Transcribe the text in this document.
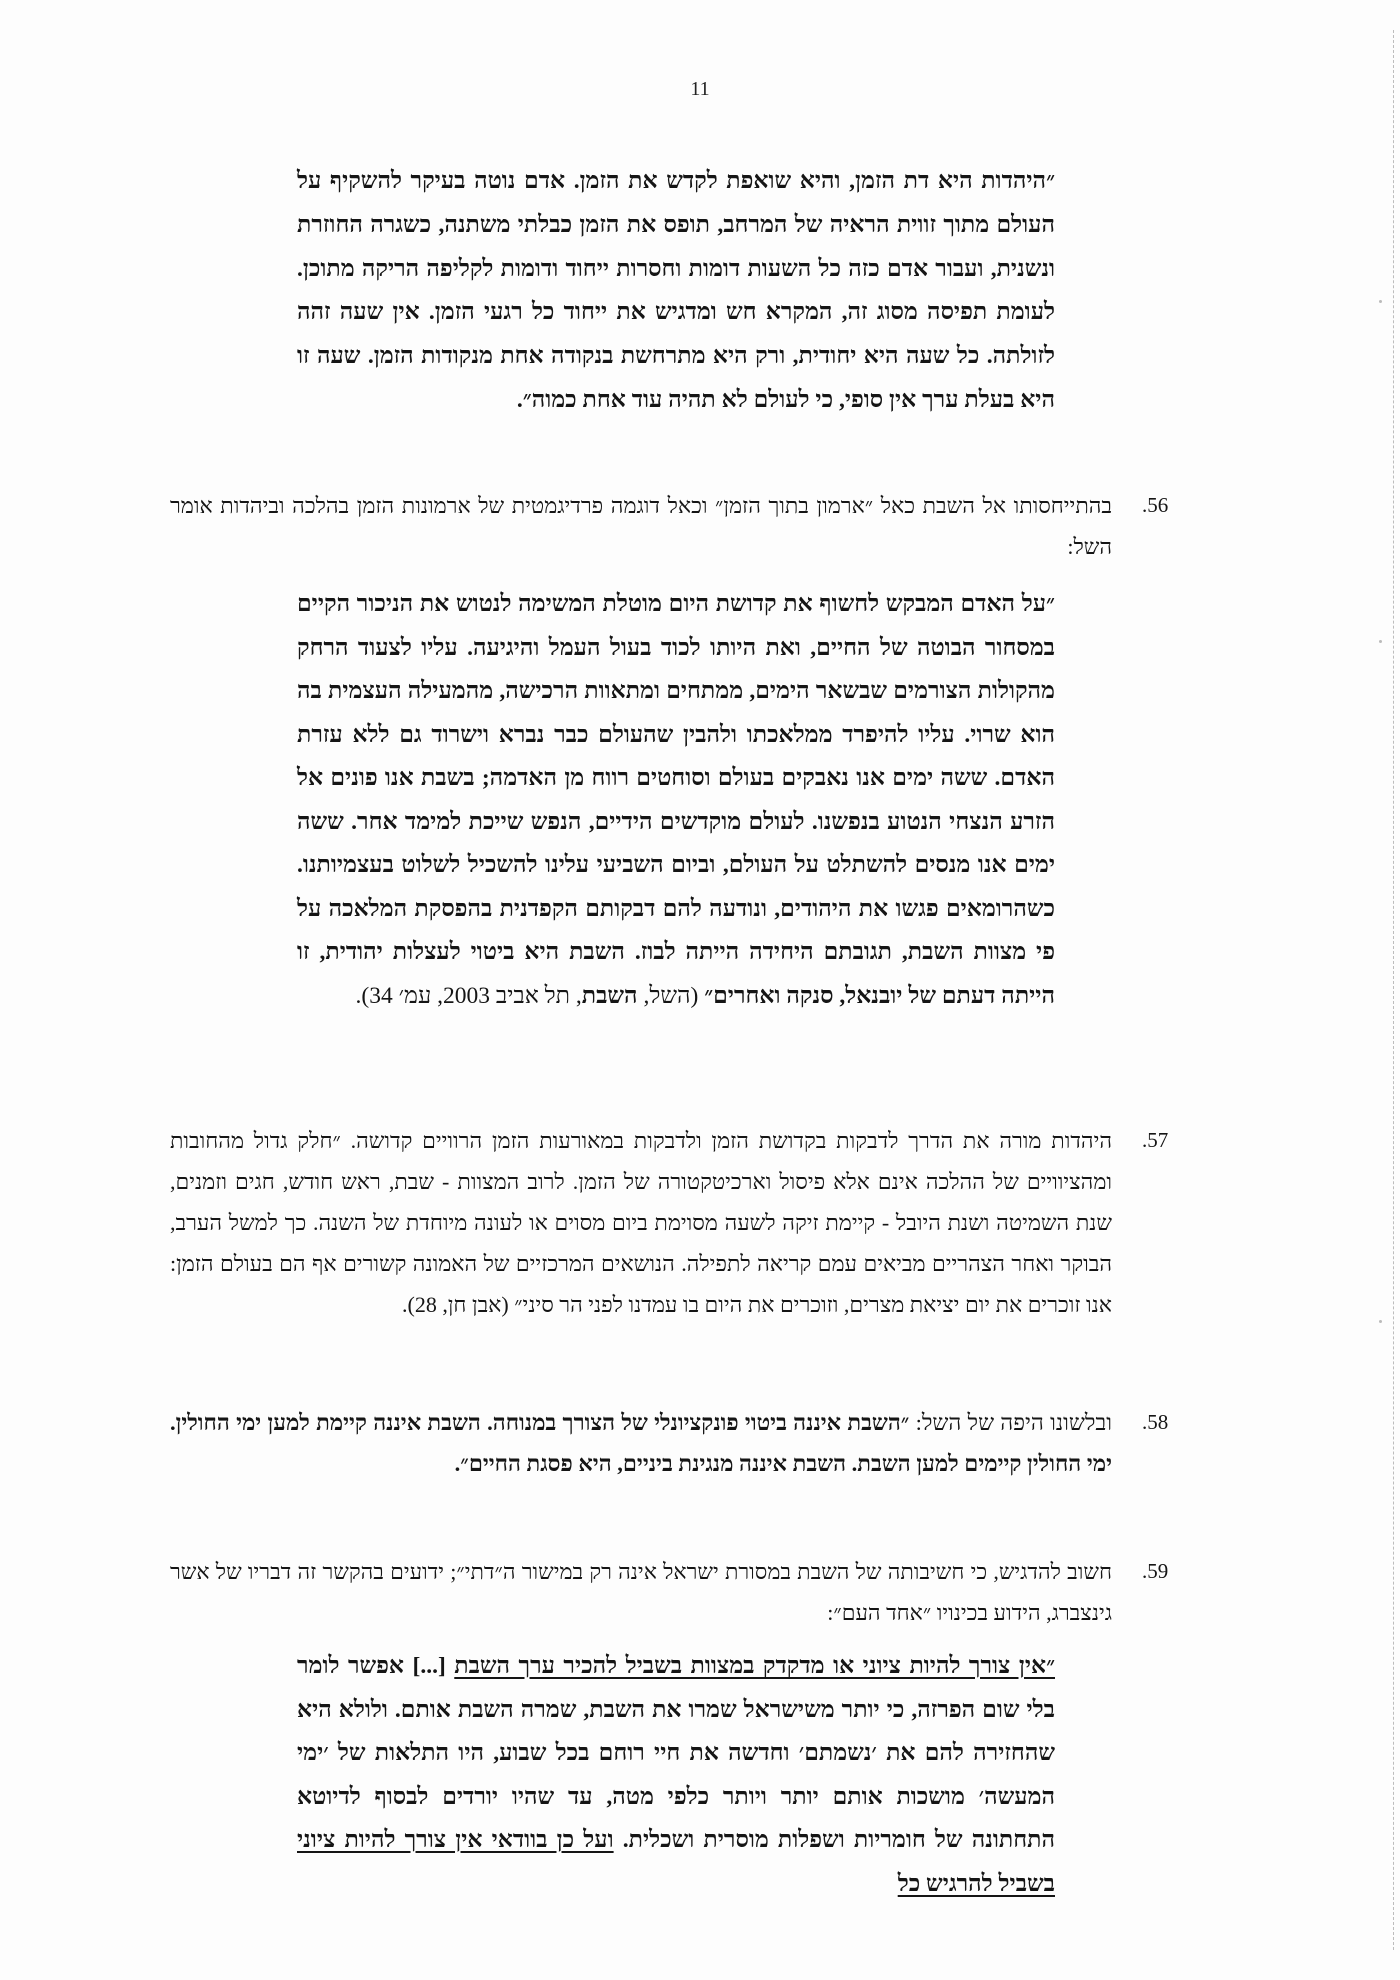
11
״היהדות היא דת הזמן, והיא שואפת לקדש את הזמן. אדם נוטה בעיקר להשקיף על העולם מתוך זווית הראיה של המרחב, תופס את הזמן כבלתי משתנה, כשגרה החוזרת ונשנית, ועבור אדם כזה כל השעות דומות וחסרות ייחוד ודומות לקליפה הריקה מתוכן. לעומת תפיסה מסוג זה, המקרא חש ומדגיש את ייחוד כל רגעי הזמן. אין שעה זהה לזולתה. כל שעה היא יחודית, ורק היא מתרחשת בנקודה אחת מנקודות הזמן. שעה זו היא בעלת ערך אין סופי, כי לעולם לא תהיה עוד אחת כמוה״.
.56
בהתייחסותו אל השבת כאל ״ארמון בתוך הזמן״ וכאל דוגמה פרדיגמטית של ארמונות הזמן בהלכה וביהדות אומר השל:
״על האדם המבקש לחשוף את קדושת היום מוטלת המשימה לנטוש את הניכור הקיים במסחור הבוטה של החיים, ואת היותו לכוד בעול העמל והיגיעה. עליו לצעוד הרחק מהקולות הצורמים שבשאר הימים, ממתחים ומתאוות הרכישה, מהמעילה העצמית בה הוא שרוי. עליו להיפרד ממלאכתו ולהבין שהעולם כבר נברא וישרוד גם ללא עזרת האדם. ששה ימים אנו נאבקים בעולם וסוחטים רווח מן האדמה; בשבת אנו פונים אל הזרע הנצחי הנטוע בנפשנו. לעולם מוקדשים הידיים, הנפש שייכת למימד אחר. ששה ימים אנו מנסים להשתלט על העולם, וביום השביעי עלינו להשכיל לשלוט בעצמיותנו. כשהרומאים פגשו את היהודים, ונודעה להם דבקותם הקפדנית בהפסקת המלאכה על פי מצוות השבת, תגובתם היחידה הייתה לבוז. השבת היא ביטוי לעצלות יהודית, זו הייתה דעתם של יובנאל, סנקה ואחרים״ (השל, השבת, תל אביב 2003, עמ׳ 34).
.57
היהדות מורה את הדרך לדבקות בקדושת הזמן ולדבקות במאורעות הזמן הרוויים קדושה. ״חלק גדול מהחובות ומהציוויים של ההלכה אינם אלא פיסול וארכיטקטורה של הזמן. לרוב המצוות - שבת, ראש חודש, חגים וזמנים, שנת השמיטה ושנת היובל - קיימת זיקה לשעה מסוימת ביום מסוים או לעונה מיוחדת של השנה. כך למשל הערב, הבוקר ואחר הצהריים מביאים עמם קריאה לתפילה. הנושאים המרכזיים של האמונה קשורים אף הם בעולם הזמן: אנו זוכרים את יום יציאת מצרים, וזוכרים את היום בו עמדנו לפני הר סיני״ (אבן חן, 28).
.58
ובלשונו היפה של השל: ״השבת איננה ביטוי פונקציונלי של הצורך במנוחה. השבת איננה קיימת למען ימי החולין. ימי החולין קיימים למען השבת. השבת איננה מנגינת ביניים, היא פסגת החיים״.
.59
חשוב להדגיש, כי חשיבותה של השבת במסורת ישראל אינה רק במישור ה״דתי״; ידועים בהקשר זה דבריו של אשר גינצברג, הידוע בכינויו ״אחד העם״:
״אין צורך להיות ציוני או מדקדק במצוות בשביל להכיר ערך השבת [...] אפשר לומר בלי שום הפרזה, כי יותר משישראל שמרו את השבת, שמרה השבת אותם. ולולא היא שהחזירה להם את ׳נשמתם׳ וחדשה את חיי רוחם בכל שבוע, היו התלאות של ׳ימי המעשה׳ מושכות אותם יותר ויותר כלפי מטה, עד שהיו יורדים לבסוף לדיוטא התחתונה של חומריות ושפלות מוסרית ושכלית. ועל כן בוודאי אין צורך להיות ציוני בשביל להרגיש כל
